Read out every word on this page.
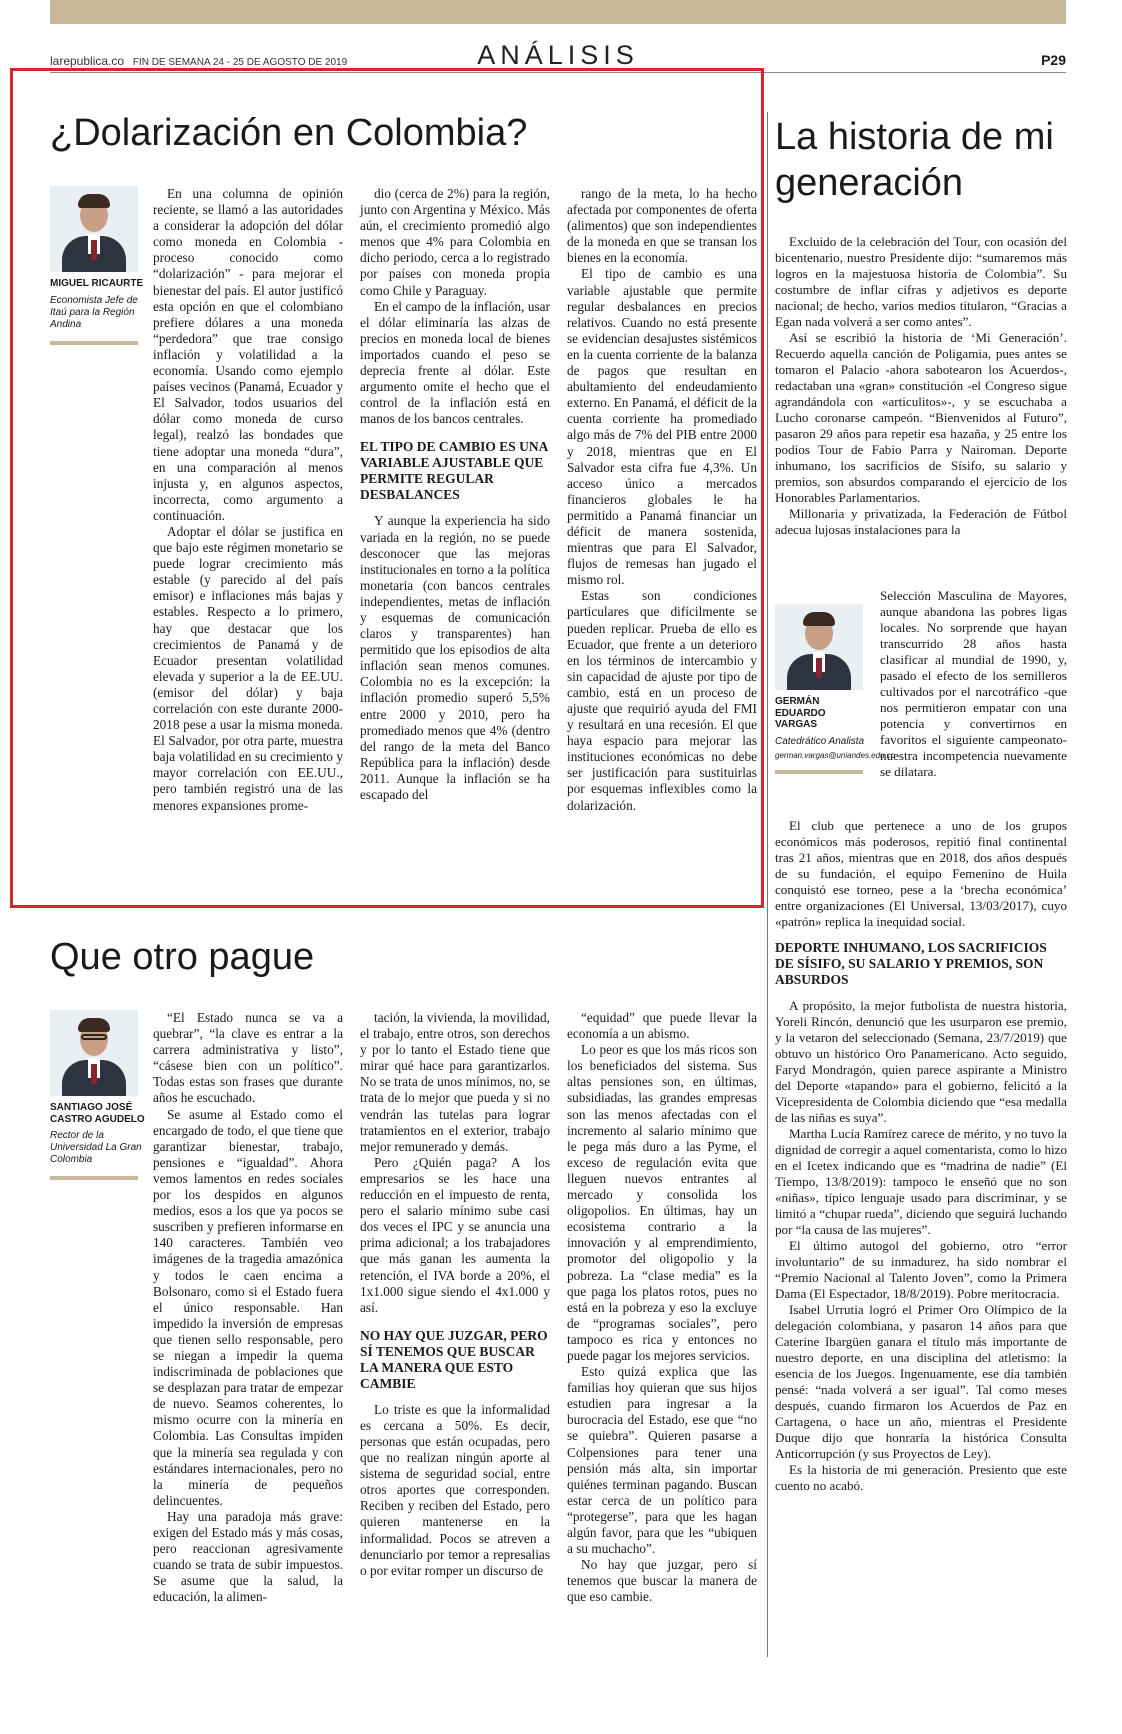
larepublica.co FIN DE SEMANA 24 - 25 DE AGOSTO DE 2019	ANÁLISIS	P29
¿Dolarización en Colombia?
MIGUEL RICAURTE
Economista Jefe de Itaú para la Región Andina

En una columna de opinión reciente, se llamó a las autoridades a considerar la adopción del dólar como moneda en Colombia - proceso conocido como “dolarización” - para mejorar el bienestar del país. El autor justificó esta opción en que el colombiano prefiere dólares a una moneda “perdedora” que trae consigo inflación y volatilidad a la economía. Usando como ejemplo países vecinos (Panamá, Ecuador y El Salvador, todos usuarios del dólar como moneda de curso legal), realzó las bondades que tiene adoptar una moneda “dura”, en una comparación al menos injusta y, en algunos aspectos, incorrecta, como argumento a continuación.

Adoptar el dólar se justifica en que bajo este régimen monetario se puede lograr crecimiento más estable (y parecido al del país emisor) e inflaciones más bajas y estables. Respecto a lo primero, hay que destacar que los crecimientos de Panamá y de Ecuador presentan volatilidad elevada y superior a la de EE.UU. (emisor del dólar) y baja correlación con este durante 2000-2018 pese a usar la misma moneda. El Salvador, por otra parte, muestra baja volatilidad en su crecimiento y mayor correlación con EE.UU., pero también registró una de las menores expansiones prome-

dio (cerca de 2%) para la región, junto con Argentina y México. Más aún, el crecimiento promedió algo menos que 4% para Colombia en dicho periodo, cerca a lo registrado por países con moneda propia como Chile y Paraguay.

En el campo de la inflación, usar el dólar eliminaría las alzas de precios en moneda local de bienes importados cuando el peso se deprecia frente al dólar. Este argumento omite el hecho que el control de la inflación está en manos de los bancos centrales.

EL TIPO DE CAMBIO ES UNA VARIABLE AJUSTABLE QUE PERMITE REGULAR DESBALANCES

Y aunque la experiencia ha sido variada en la región, no se puede desconocer que las mejoras institucionales en torno a la política monetaria (con bancos centrales independientes, metas de inflación y esquemas de comunicación claros y transparentes) han permitido que los episodios de alta inflación sean menos comunes. Colombia no es la excepción: la inflación promedio superó 5,5% entre 2000 y 2010, pero ha promediado menos que 4% (dentro del rango de la meta del Banco República para la inflación) desde 2011. Aunque la inflación se ha escapado del

rango de la meta, lo ha hecho afectada por componentes de oferta (alimentos) que son independientes de la moneda en que se transan los bienes en la economía.

El tipo de cambio es una variable ajustable que permite regular desbalances en precios relativos. Cuando no está presente se evidencian desajustes sistémicos en la cuenta corriente de la balanza de pagos que resultan en abultamiento del endeudamiento externo. En Panamá, el déficit de la cuenta corriente ha promediado algo más de 7% del PIB entre 2000 y 2018, mientras que en El Salvador esta cifra fue 4,3%. Un acceso único a mercados financieros globales le ha permitido a Panamá financiar un déficit de manera sostenida, mientras que para El Salvador, flujos de remesas han jugado el mismo rol.

Estas son condiciones particulares que difícilmente se pueden replicar. Prueba de ello es Ecuador, que frente a un deterioro en los términos de intercambio y sin capacidad de ajuste por tipo de cambio, está en un proceso de ajuste que requirió ayuda del FMI y resultará en una recesión. El que haya espacio para mejorar las instituciones económicas no debe ser justificación para sustituirlas por esquemas inflexibles como la dolarización.

La historia de mi generación

Excluido de la celebración del Tour, con ocasión del bicentenario, nuestro Presidente dijo: “sumaremos más logros en la majestuosa historia de Colombia”. Su costumbre de inflar cifras y adjetivos es deporte nacional; de hecho, varios medios titularon, “Gracias a Egan nada volverá a ser como antes”.

Así se escribió la historia de ‘Mi Generación’. Recuerdo aquella canción de Poligamia, pues antes se tomaron el Palacio -ahora sabotearon los Acuerdos-, redactaban una «gran» constitución -el Congreso sigue agrandándola con «articulitos»-, y se escuchaba a Lucho coronarse campeón. “Bienvenidos al Futuro”, pasaron 29 años para repetir esa hazaña, y 25 entre los podios Tour de Fabio Parra y Nairoman. Deporte inhumano, los sacrificios de Sísifo, su salario y premios, son absurdos comparando el ejercicio de los Honorables Parlamentarios.

Millonaria y privatizada, la Federación de Fútbol adecua lujosas instalaciones para la

GERMÁN EDUARDO VARGAS
Catedrático Analista
german.vargas@uniandes.edu.co

Selección Masculina de Mayores, aunque abandona las pobres ligas locales. No sorprende que hayan transcurrido 28 años hasta clasificar al mundial de 1990, y, pasado el efecto de los semilleros cultivados por el narcotráfico -que nos permitieron empatar con una potencia y convertirnos en favoritos el siguiente campeonato- nuestra incompetencia nuevamente se dilatara.

El club que pertenece a uno de los grupos económicos más poderosos, repitió final continental tras 21 años, mientras que en 2018, dos años después de su fundación, el equipo Femenino de Huila conquistó ese torneo, pese a la ‘brecha económica’ entre organizaciones (El Universal, 13/03/2017), cuyo «patrón» replica la inequidad social.

DEPORTE INHUMANO, LOS SACRIFICIOS DE SÍSIFO, SU SALARIO Y PREMIOS, SON ABSURDOS

A propósito, la mejor futbolista de nuestra historia, Yoreli Rincón, denunció que les usurparon ese premio, y la vetaron del seleccionado (Semana, 23/7/2019) que obtuvo un histórico Oro Panamericano. Acto seguido, Faryd Mondragón, quien parece aspirante a Ministro del Deporte «tapando» para el gobierno, felicitó a la Vicepresidenta de Colombia diciendo que “esa medalla de las niñas es suya”.

Martha Lucía Ramírez carece de mérito, y no tuvo la dignidad de corregir a aquel comentarista, como lo hizo en el Icetex indicando que es “madrina de nadie” (El Tiempo, 13/8/2019): tampoco le enseñó que no son «niñas», típico lenguaje usado para discriminar, y se limitó a “chupar rueda”, diciendo que seguirá luchando por “la causa de las mujeres”.

El último autogol del gobierno, otro “error involuntario” de su inmadurez, ha sido nombrar el “Premio Nacional al Talento Joven”, como la Primera Dama (El Espectador, 18/8/2019). Pobre meritocracia.

Isabel Urrutia logró el Primer Oro Olímpico de la delegación colombiana, y pasaron 14 años para que Caterine Ibargüen ganara el título más importante de nuestro deporte, en una disciplina del atletismo: la esencia de los Juegos. Ingenuamente, ese día también pensé: “nada volverá a ser igual”. Tal como meses después, cuando firmaron los Acuerdos de Paz en Cartagena, o hace un año, mientras el Presidente Duque dijo que honraría la histórica Consulta Anticorrupción (y sus Proyectos de Ley).

Es la historia de mi generación. Presiento que este cuento no acabó.

Que otro pague
SANTIAGO JOSÉ CASTRO AGUDELO
Rector de la Universidad La Gran Colombia

“El Estado nunca se va a quebrar”, “la clave es entrar a la carrera administrativa y listo”, “cásese bien con un político”. Todas estas son frases que durante años he escuchado.

Se asume al Estado como el encargado de todo, el que tiene que garantizar bienestar, trabajo, pensiones e “igualdad”. Ahora vemos lamentos en redes sociales por los despidos en algunos medios, esos a los que ya pocos se suscriben y prefieren informarse en 140 caracteres. También veo imágenes de la tragedia amazónica y todos le caen encima a Bolsonaro, como si el Estado fuera el único responsable. Han impedido la inversión de empresas que tienen sello responsable, pero se niegan a impedir la quema indiscriminada de poblaciones que se desplazan para tratar de empezar de nuevo. Seamos coherentes, lo mismo ocurre con la minería en Colombia. Las Consultas impiden que la minería sea regulada y con estándares internacionales, pero no la minería de pequeños delincuentes.

Hay una paradoja más grave: exigen del Estado más y más cosas, pero reaccionan agresivamente cuando se trata de subir impuestos. Se asume que la salud, la educación, la alimen-

tación, la vivienda, la movilidad, el trabajo, entre otros, son derechos y por lo tanto el Estado tiene que mirar qué hace para garantizarlos. No se trata de unos mínimos, no, se trata de lo mejor que pueda y si no vendrán las tutelas para lograr tratamientos en el exterior, trabajo mejor remunerado y demás.

Pero ¿Quién paga? A los empresarios se les hace una reducción en el impuesto de renta, pero el salario mínimo sube casi dos veces el IPC y se anuncia una prima adicional; a los trabajadores que más ganan les aumenta la retención, el IVA borde a 20%, el 1x1.000 sigue siendo el 4x1.000 y así.

NO HAY QUE JUZGAR, PERO SÍ TENEMOS QUE BUSCAR LA MANERA QUE ESTO CAMBIE

Lo triste es que la informalidad es cercana a 50%. Es decir, personas que están ocupadas, pero que no realizan ningún aporte al sistema de seguridad social, entre otros aportes que corresponden. Reciben y reciben del Estado, pero quieren mantenerse en la informalidad. Pocos se atreven a denunciarlo por temor a represalias o por evitar romper un discurso de

“equidad” que puede llevar la economía a un abismo.

Lo peor es que los más ricos son los beneficiados del sistema. Sus altas pensiones son, en últimas, subsidiadas, las grandes empresas son las menos afectadas con el incremento al salario mínimo que le pega más duro a las Pyme, el exceso de regulación evita que lleguen nuevos entrantes al mercado y consolida los oligopolios. En últimas, hay un ecosistema contrario a la innovación y al emprendimiento, promotor del oligopolio y la pobreza. La “clase media” es la que paga los platos rotos, pues no está en la pobreza y eso la excluye de “programas sociales”, pero tampoco es rica y entonces no puede pagar los mejores servicios.

Esto quizá explica que las familias hoy quieran que sus hijos estudien para ingresar a la burocracia del Estado, ese que “no se quiebra”. Quieren pasarse a Colpensiones para tener una pensión más alta, sin importar quiénes terminan pagando. Buscan estar cerca de un político para “protegerse”, para que les hagan algún favor, para que les “ubiquen a su muchacho”.

No hay que juzgar, pero sí tenemos que buscar la manera de que eso cambie.
